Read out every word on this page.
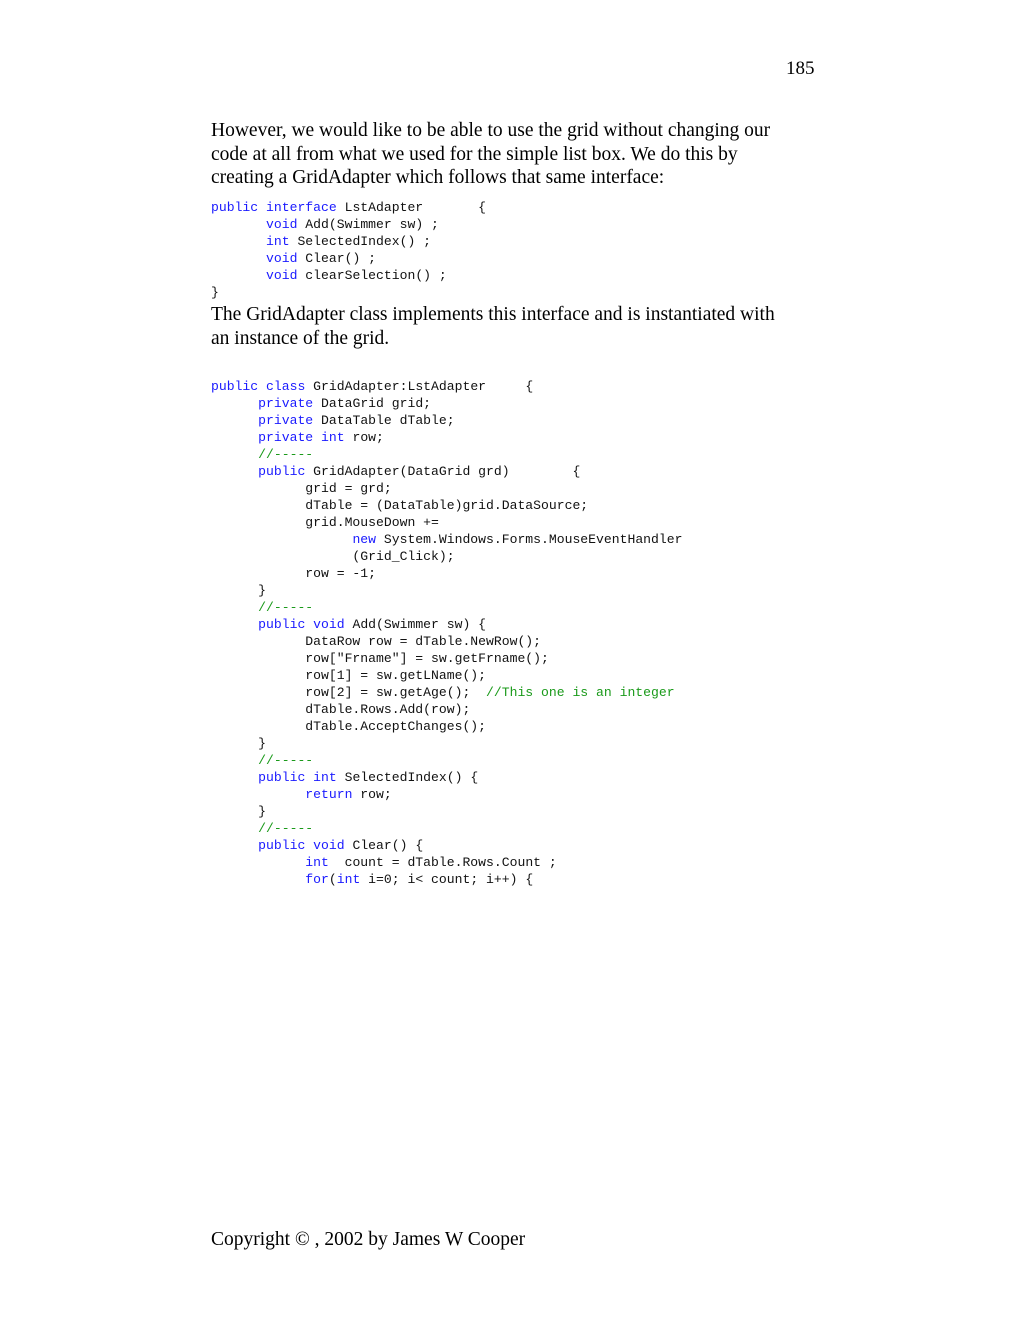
185

However, we would like to be able to use the grid without changing our
code at all from what we used for the simple list box. We do this by
creating a GridAdapter which follows that same interface:

public interface LstAdapter       {
void Add(Swimmer sw) ;
int SelectedIndex() ;
void Clear() ;
void clearSelection() ;
}

The GridAdapter class implements this interface and is instantiated with
an instance of the grid.

public class GridAdapter:LstAdapter     {
private DataGrid grid;
private DataTable dTable;
private int row;
//-----
public GridAdapter(DataGrid grd)        {
grid = grd;
dTable = (DataTable)grid.DataSource;
grid.MouseDown +=
new System.Windows.Forms.MouseEventHandler
(Grid_Click);
row = -1;
}
//-----
public void Add(Swimmer sw) {
DataRow row = dTable.NewRow();
row["Frname"] = sw.getFrname();
row[1] = sw.getLName();
row[2] = sw.getAge();  //This one is an integer
dTable.Rows.Add(row);
dTable.AcceptChanges();
}
//-----
public int SelectedIndex() {
return row;
}
//-----
public void Clear() {
int  count = dTable.Rows.Count ;
for(int i=0; i< count; i++) {
Copyright © , 2002 by James W Cooper
